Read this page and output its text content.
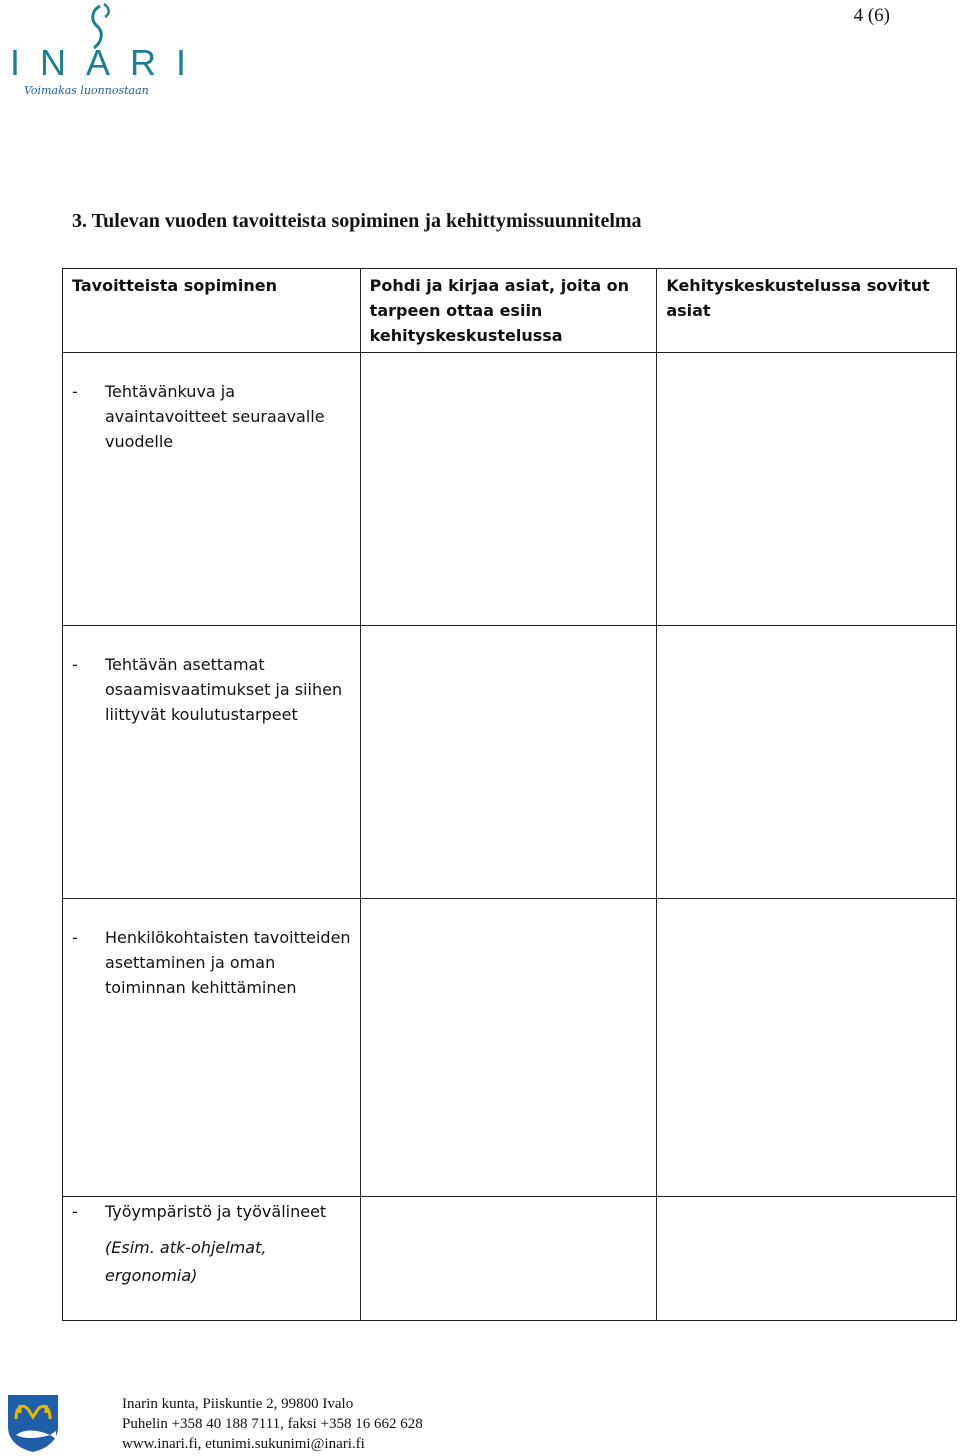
4 (6)
INARI
Voimakas luonnostaan
3. Tulevan vuoden tavoitteista sopiminen ja kehittymissuunnitelma
Tavoitteista sopiminen	Pohdi ja kirjaa asiat, joita on tarpeen ottaa esiin kehityskeskustelussa	Kehityskeskustelussa sovitut asiat

- Tehtävänkuva ja avaintavoitteet seuraavalle vuodelle		

- Tehtävän asettamat osaamisvaatimukset ja siihen liittyvät koulutustarpeet		

- Henkilökohtaisten tavoitteiden asettaminen ja oman toiminnan kehittäminen		

- Työympäristö ja työvälineet
(Esim. atk-ohjelmat, ergonomia)		

Inarin kunta, Piiskuntie 2, 99800 Ivalo
Puhelin +358 40 188 7111, faksi +358 16 662 628
www.inari.fi, etunimi.sukunimi@inari.fi
